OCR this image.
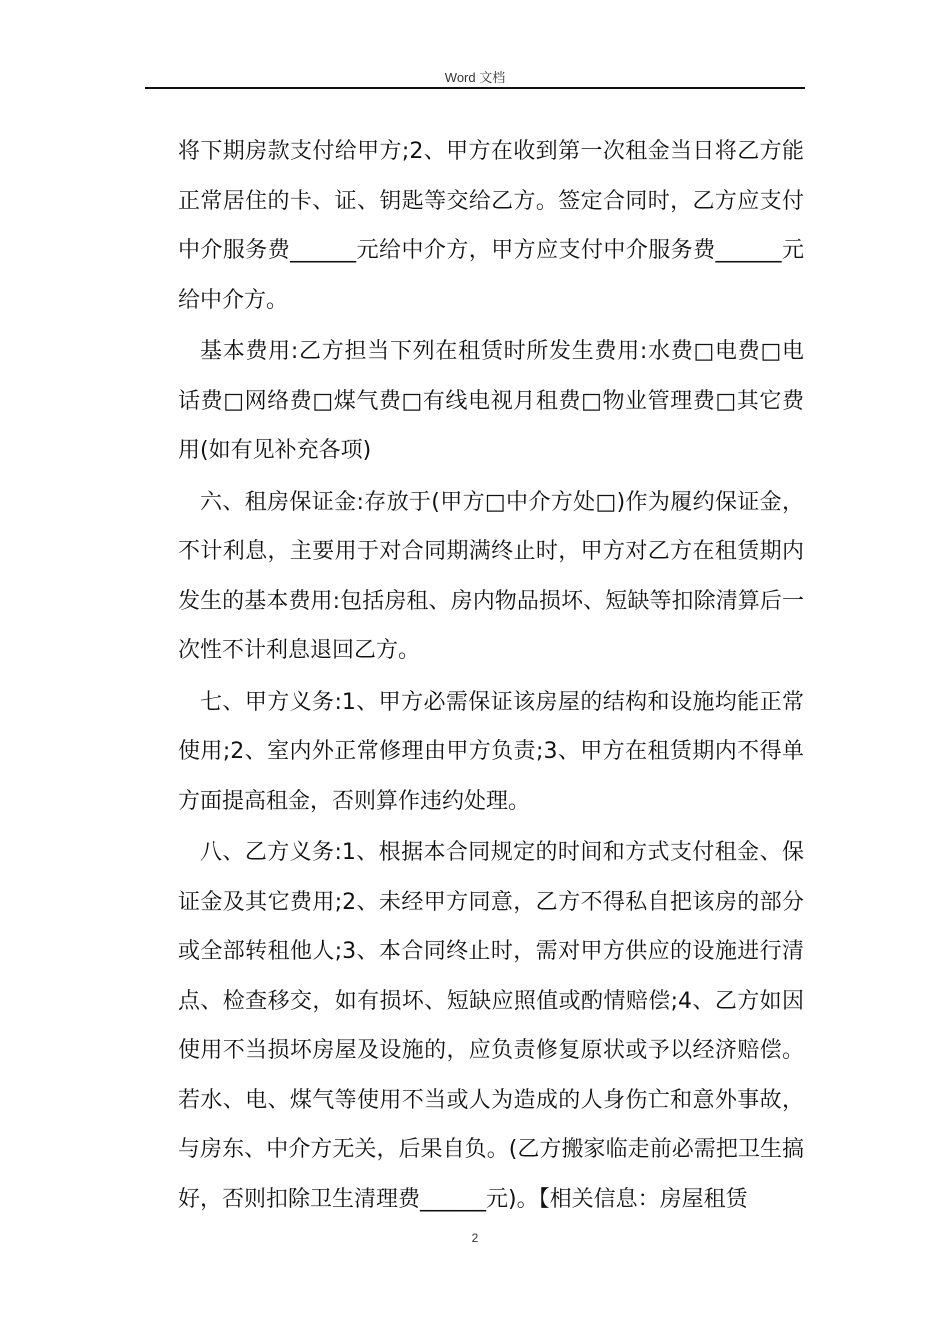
Word 文档

将下期房款支付给甲方;2、甲方在收到第一次租金当日将乙方能正常居住的卡、证、钥匙等交给乙方。签定合同时，乙方应支付中介服务费______元给中介方，甲方应支付中介服务费______元给中介方。

基本费用:乙方担当下列在租赁时所发生费用:水费□电费□电话费□网络费□煤气费□有线电视月租费□物业管理费□其它费用(如有见补充各项)

六、租房保证金:存放于(甲方□中介方处□)作为履约保证金，不计利息，主要用于对合同期满终止时，甲方对乙方在租赁期内发生的基本费用:包括房租、房内物品损坏、短缺等扣除清算后一次性不计利息退回乙方。

七、甲方义务:1、甲方必需保证该房屋的结构和设施均能正常使用;2、室内外正常修理由甲方负责;3、甲方在租赁期内不得单方面提高租金，否则算作违约处理。

八、乙方义务:1、根据本合同规定的时间和方式支付租金、保证金及其它费用;2、未经甲方同意，乙方不得私自把该房的部分或全部转租他人;3、本合同终止时，需对甲方供应的设施进行清点、检查移交，如有损坏、短缺应照值或酌情赔偿;4、乙方如因使用不当损坏房屋及设施的，应负责修复原状或予以经济赔偿。若水、电、煤气等使用不当或人为造成的人身伤亡和意外事故，与房东、中介方无关，后果自负。(乙方搬家临走前必需把卫生搞好，否则扣除卫生清理费______元)。【相关信息：房屋租赁

2
